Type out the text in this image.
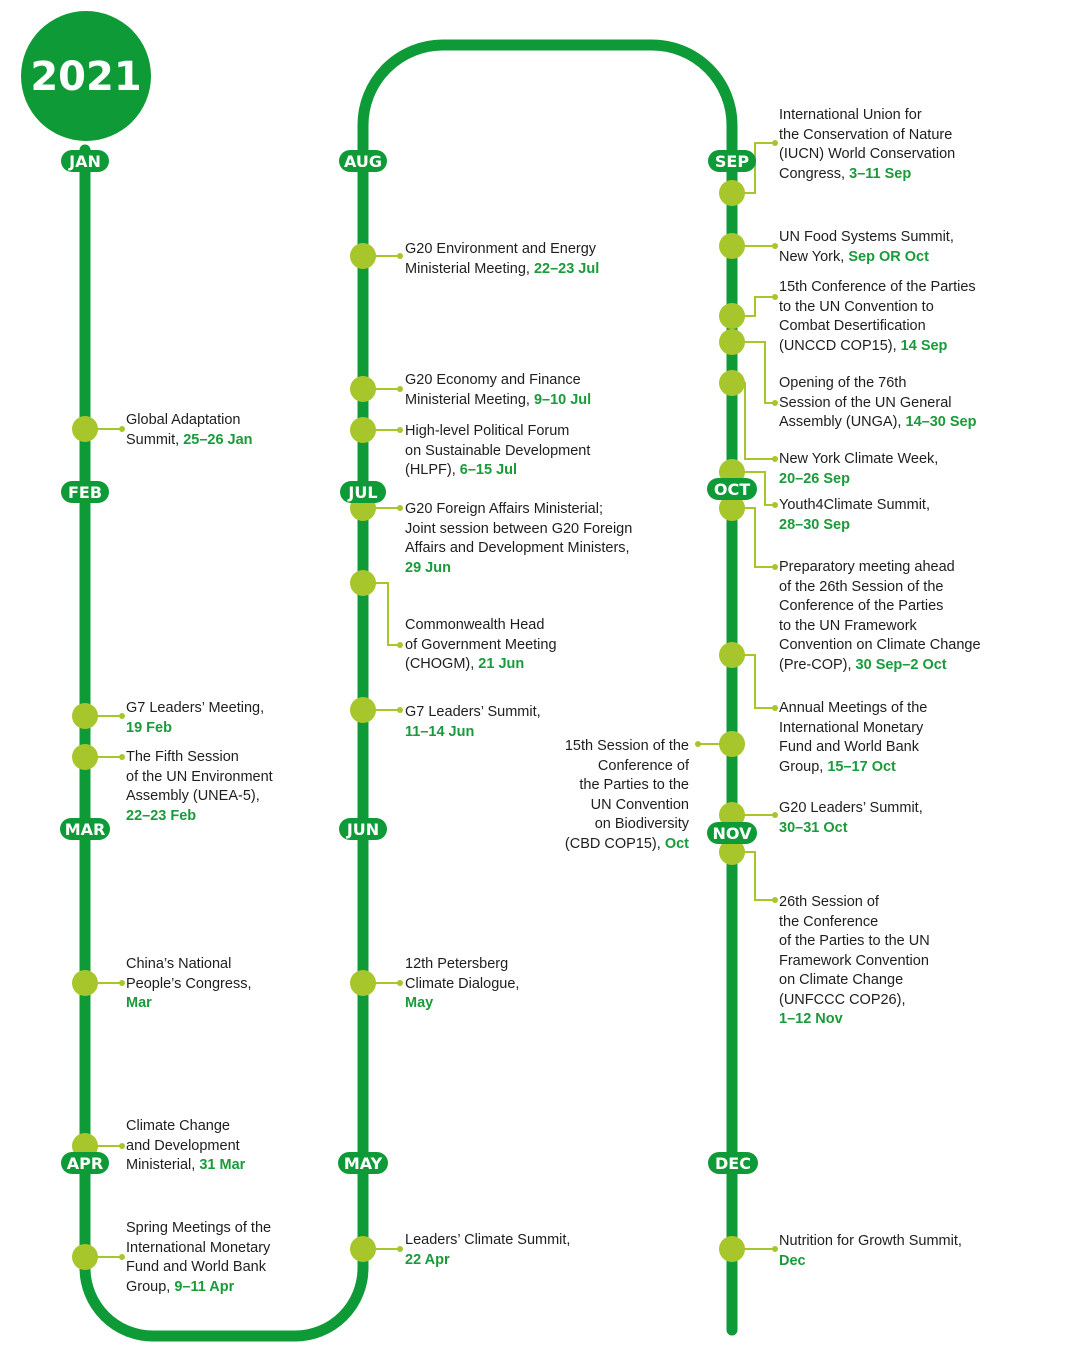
2021
JAN
FEB
MAR
APR	MAY
JUN
JUL
AUG	SEP
OCT
NOV
DEC
Global Adaptation
Summit, 25–26 Jan
G7 Leaders’ Meeting,
19 Feb
The Fifth Session
of the UN Environment
Assembly (UNEA-5),
22–23 Feb
China’s National
People’s Congress,
Mar
Climate Change
and Development
Ministerial, 31 Mar
Spring Meetings of the
International Monetary
Fund and World Bank
Group, 9–11 Apr
Leaders’ Climate Summit,
22 Apr
12th Petersberg
Climate Dialogue,
May
G7 Leaders’ Summit,
11–14 Jun
Commonwealth Head
of Government Meeting
(CHOGM), 21 Jun
G20 Foreign Affairs Ministerial;
Joint session between G20 Foreign
Affairs and Development Ministers,
29 Jun
High-level Political Forum
on Sustainable Development
(HLPF), 6–15 Jul
G20 Economy and Finance
Ministerial Meeting, 9–10 Jul
G20 Environment and Energy
Ministerial Meeting, 22–23 Jul
International Union for
the Conservation of Nature
(IUCN) World Conservation
Congress, 3–11 Sep
UN Food Systems Summit,
New York, Sep OR Oct
15th Conference of the Parties
to the UN Convention to
Combat Desertification
(UNCCD COP15), 14 Sep
Opening of the 76th
Session of the UN General
Assembly (UNGA), 14–30 Sep
New York Climate Week,
20–26 Sep
Youth4Climate Summit,
28–30 Sep
Preparatory meeting ahead
of the 26th Session of the
Conference of the Parties
to the UN Framework
Convention on Climate Change
(Pre-COP), 30 Sep–2 Oct
Annual Meetings of the
International Monetary
Fund and World Bank
Group, 15–17 Oct
15th Session of the
Conference of
the Parties to the
UN Convention
on Biodiversity
(CBD COP15), Oct
G20 Leaders’ Summit,
30–31 Oct
26th Session of
the Conference
of the Parties to the UN
Framework Convention
on Climate Change
(UNFCCC COP26),
1–12 Nov
Nutrition for Growth Summit,
Dec
